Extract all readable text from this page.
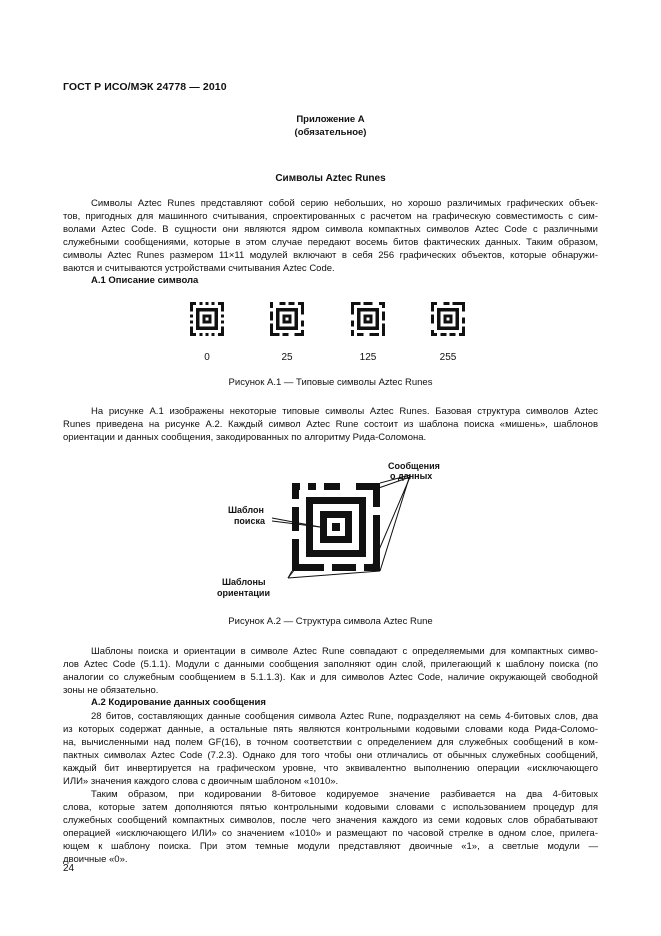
ГОСТ Р ИСО/МЭК 24778 — 2010
Приложение А
(обязательное)
Символы Aztec Runes
Символы Aztec Runes представляют собой серию небольших, но хорошо различимых графических объек-
тов, пригодных для машинного считывания, спроектированных с расчетом на графическую совместимость с сим-
волами Aztec Code. В сущности они являются ядром символа компактных символов Aztec Code с различными
служебными сообщениями, которые в этом случае передают восемь битов фактических данных. Таким образом,
символы Aztec Runes размером 11×11 модулей включают в себя 256 графических объектов, которые обнаружи-
ваются и считываются устройствами считывания Aztec Code.
А.1 Описание символа
0	25	125	255
Рисунок А.1 — Типовые символы Aztec Runes
На рисунке А.1 изображены некоторые типовые символы Aztec Runes. Базовая структура символов Aztec
Runes приведена на рисунке А.2. Каждый символ Aztec Rune состоит из шаблона поиска «мишень», шаблонов
ориентации и данных сообщения, закодированных по алгоритму Рида-Соломона.
Сообщения
о данных
Шаблон
поиска
Шаблоны
ориентации
Рисунок А.2 — Структура символа Aztec Rune
Шаблоны поиска и ориентации в символе Aztec Rune совпадают с определяемыми для компактных симво-
лов Aztec Code (5.1.1). Модули с данными сообщения заполняют один слой, прилегающий к шаблону поиска (по
аналогии со служебным сообщением в 5.1.1.3). Как и для символов Aztec Code, наличие окружающей свободной
зоны не обязательно.
А.2 Кодирование данных сообщения
28 битов, составляющих данные сообщения символа Aztec Rune, подразделяют на семь 4-битовых слов, два
из которых содержат данные, а остальные пять являются контрольными кодовыми словами кода Рида-Соломо-
на, вычисленными над полем GF(16), в точном соответствии с определением для служебных сообщений в ком-
пактных символах Aztec Code (7.2.3). Однако для того чтобы они отличались от обычных служебных сообщений,
каждый бит инвертируется на графическом уровне, что эквивалентно выполнению операции «исключающего
ИЛИ» значения каждого слова с двоичным шаблоном «1010».
Таким образом, при кодировании 8-битовое кодируемое значение разбивается на два 4-битовых
слова, которые затем дополняются пятью контрольными кодовыми словами с использованием процедур для
служебных сообщений компактных символов, после чего значения каждого из семи кодовых слов обрабатывают
операцией «исключающего ИЛИ» со значением «1010» и размещают по часовой стрелке в одном слое, прилега-
ющем к шаблону поиска. При этом темные модули представляют двоичные «1», а светлые модули —
двоичные «0».
24
